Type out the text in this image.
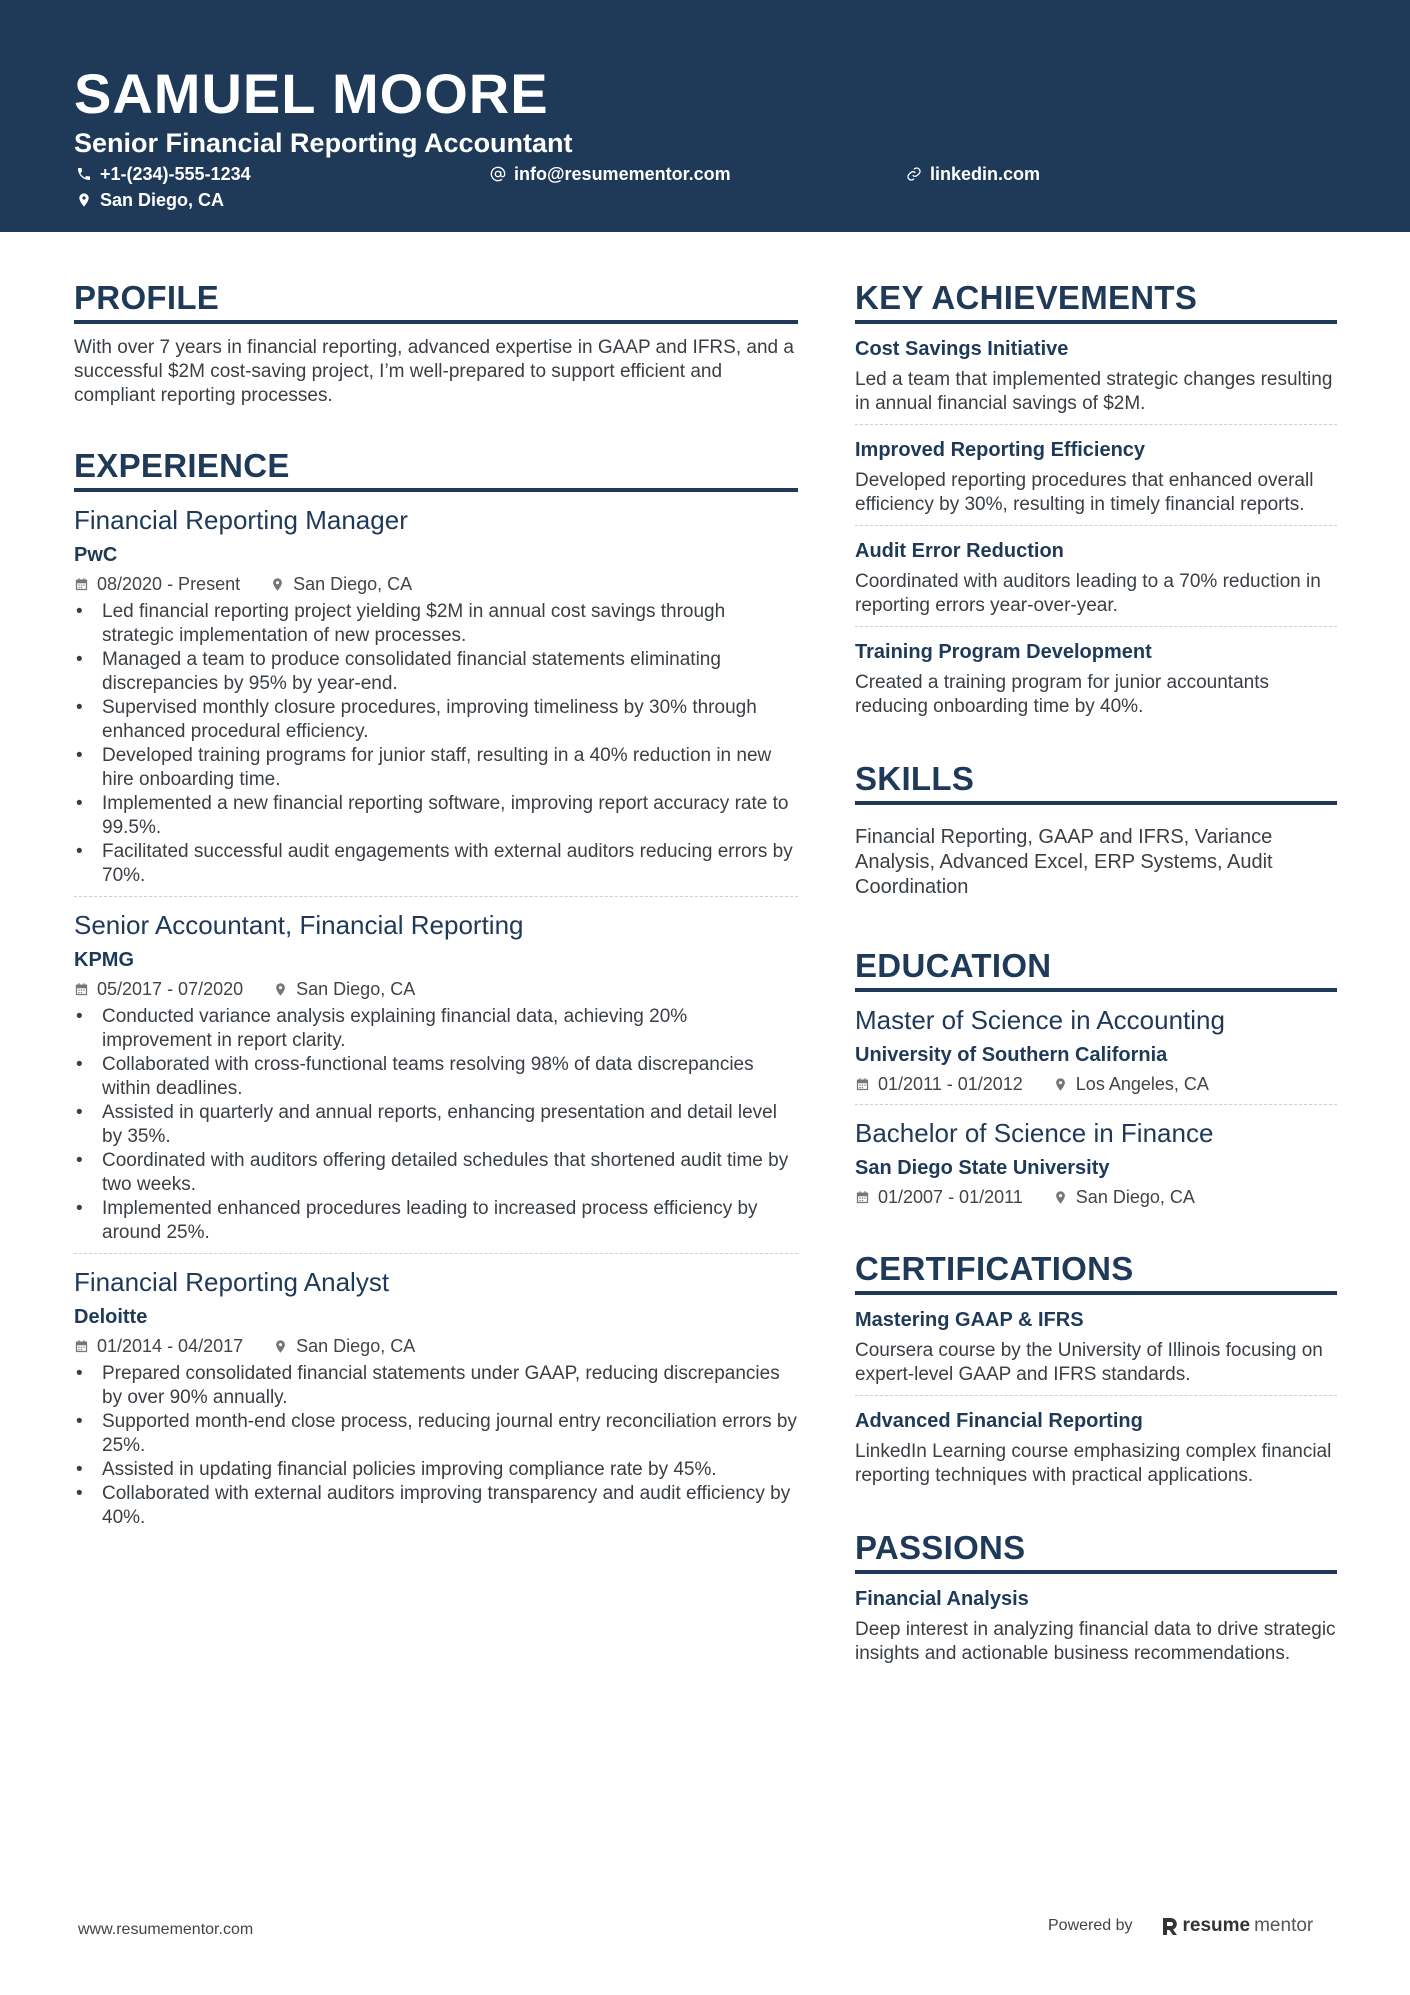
SAMUEL MOORE
Senior Financial Reporting Accountant
+1-(234)-555-1234	info@resumementor.com	linkedin.com
San Diego, CA
PROFILE
With over 7 years in financial reporting, advanced expertise in GAAP and IFRS, and a successful $2M cost-saving project, I’m well-prepared to support efficient and compliant reporting processes.
EXPERIENCE
Financial Reporting Manager
PwC
08/2020 - Present	San Diego, CA
• Led financial reporting project yielding $2M in annual cost savings through strategic implementation of new processes.
• Managed a team to produce consolidated financial statements eliminating discrepancies by 95% by year-end.
• Supervised monthly closure procedures, improving timeliness by 30% through enhanced procedural efficiency.
• Developed training programs for junior staff, resulting in a 40% reduction in new hire onboarding time.
• Implemented a new financial reporting software, improving report accuracy rate to 99.5%.
• Facilitated successful audit engagements with external auditors reducing errors by 70%.
Senior Accountant, Financial Reporting
KPMG
05/2017 - 07/2020	San Diego, CA
• Conducted variance analysis explaining financial data, achieving 20% improvement in report clarity.
• Collaborated with cross-functional teams resolving 98% of data discrepancies within deadlines.
• Assisted in quarterly and annual reports, enhancing presentation and detail level by 35%.
• Coordinated with auditors offering detailed schedules that shortened audit time by two weeks.
• Implemented enhanced procedures leading to increased process efficiency by around 25%.
Financial Reporting Analyst
Deloitte
01/2014 - 04/2017	San Diego, CA
• Prepared consolidated financial statements under GAAP, reducing discrepancies by over 90% annually.
• Supported month-end close process, reducing journal entry reconciliation errors by 25%.
• Assisted in updating financial policies improving compliance rate by 45%.
• Collaborated with external auditors improving transparency and audit efficiency by 40%.
KEY ACHIEVEMENTS
Cost Savings Initiative
Led a team that implemented strategic changes resulting in annual financial savings of $2M.
Improved Reporting Efficiency
Developed reporting procedures that enhanced overall efficiency by 30%, resulting in timely financial reports.
Audit Error Reduction
Coordinated with auditors leading to a 70% reduction in reporting errors year-over-year.
Training Program Development
Created a training program for junior accountants reducing onboarding time by 40%.
SKILLS
Financial Reporting, GAAP and IFRS, Variance Analysis, Advanced Excel, ERP Systems, Audit Coordination
EDUCATION
Master of Science in Accounting
University of Southern California
01/2011 - 01/2012	Los Angeles, CA
Bachelor of Science in Finance
San Diego State University
01/2007 - 01/2011	San Diego, CA
CERTIFICATIONS
Mastering GAAP & IFRS
Coursera course by the University of Illinois focusing on expert-level GAAP and IFRS standards.
Advanced Financial Reporting
LinkedIn Learning course emphasizing complex financial reporting techniques with practical applications.
PASSIONS
Financial Analysis
Deep interest in analyzing financial data to drive strategic insights and actionable business recommendations.
www.resumementor.com	Powered by	resume mentor
